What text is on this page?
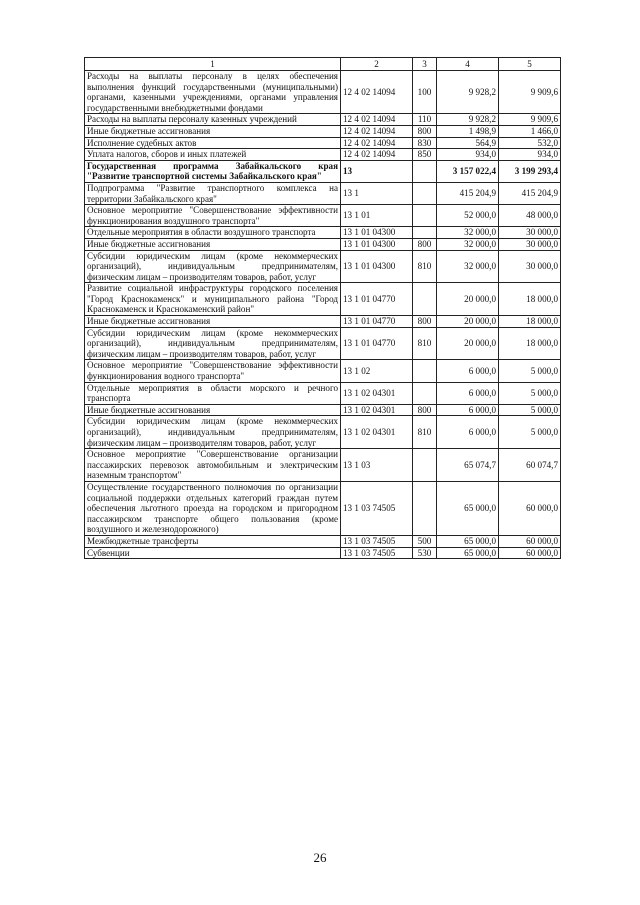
1	2	3	4	5
Расходы на выплаты персоналу в целях обеспечения выполнения функций государственными (муниципальными) органами, казенными учреждениями, органами управления государственными внебюджетными фондами	12 4 02 14094	100	9 928,2	9 909,6
Расходы на выплаты персоналу казенных учреждений	12 4 02 14094	110	9 928,2	9 909,6
Иные бюджетные ассигнования	12 4 02 14094	800	1 498,9	1 466,0
Исполнение судебных актов	12 4 02 14094	830	564,9	532,0
Уплата налогов, сборов и иных платежей	12 4 02 14094	850	934,0	934,0
Государственная программа Забайкальского края "Развитие транспортной системы Забайкальского края"	13		3 157 022,4	3 199 293,4
Подпрограмма "Развитие транспортного комплекса на территории Забайкальского края"	13 1		415 204,9	415 204,9
Основное мероприятие "Совершенствование эффективности функционирования воздушного транспорта"	13 1 01		52 000,0	48 000,0
Отдельные мероприятия в области воздушного транспорта	13 1 01 04300		32 000,0	30 000,0
Иные бюджетные ассигнования	13 1 01 04300	800	32 000,0	30 000,0
Субсидии юридическим лицам (кроме некоммерческих организаций), индивидуальным предпринимателям, физическим лицам – производителям товаров, работ, услуг	13 1 01 04300	810	32 000,0	30 000,0
Развитие социальной инфраструктуры городского поселения "Город Краснокаменск" и муниципального района "Город Краснокаменск и Краснокаменский район"	13 1 01 04770		20 000,0	18 000,0
Иные бюджетные ассигнования	13 1 01 04770	800	20 000,0	18 000,0
Субсидии юридическим лицам (кроме некоммерческих организаций), индивидуальным предпринимателям, физическим лицам – производителям товаров, работ, услуг	13 1 01 04770	810	20 000,0	18 000,0
Основное мероприятие "Совершенствование эффективности функционирования водного транспорта"	13 1 02		6 000,0	5 000,0
Отдельные мероприятия в области морского и речного транспорта	13 1 02 04301		6 000,0	5 000,0
Иные бюджетные ассигнования	13 1 02 04301	800	6 000,0	5 000,0
Субсидии юридическим лицам (кроме некоммерческих организаций), индивидуальным предпринимателям, физическим лицам – производителям товаров, работ, услуг	13 1 02 04301	810	6 000,0	5 000,0
Основное мероприятие "Совершенствование организации пассажирских перевозок автомобильным и электрическим наземным транспортом"	13 1 03		65 074,7	60 074,7
Осуществление государственного полномочия по организации социальной поддержки отдельных категорий граждан путем обеспечения льготного проезда на городском и пригородном пассажирском транспорте общего пользования (кроме воздушного и железнодорожного)	13 1 03 74505		65 000,0	60 000,0
Межбюджетные трансферты	13 1 03 74505	500	65 000,0	60 000,0
Субвенции	13 1 03 74505	530	65 000,0	60 000,0
26
